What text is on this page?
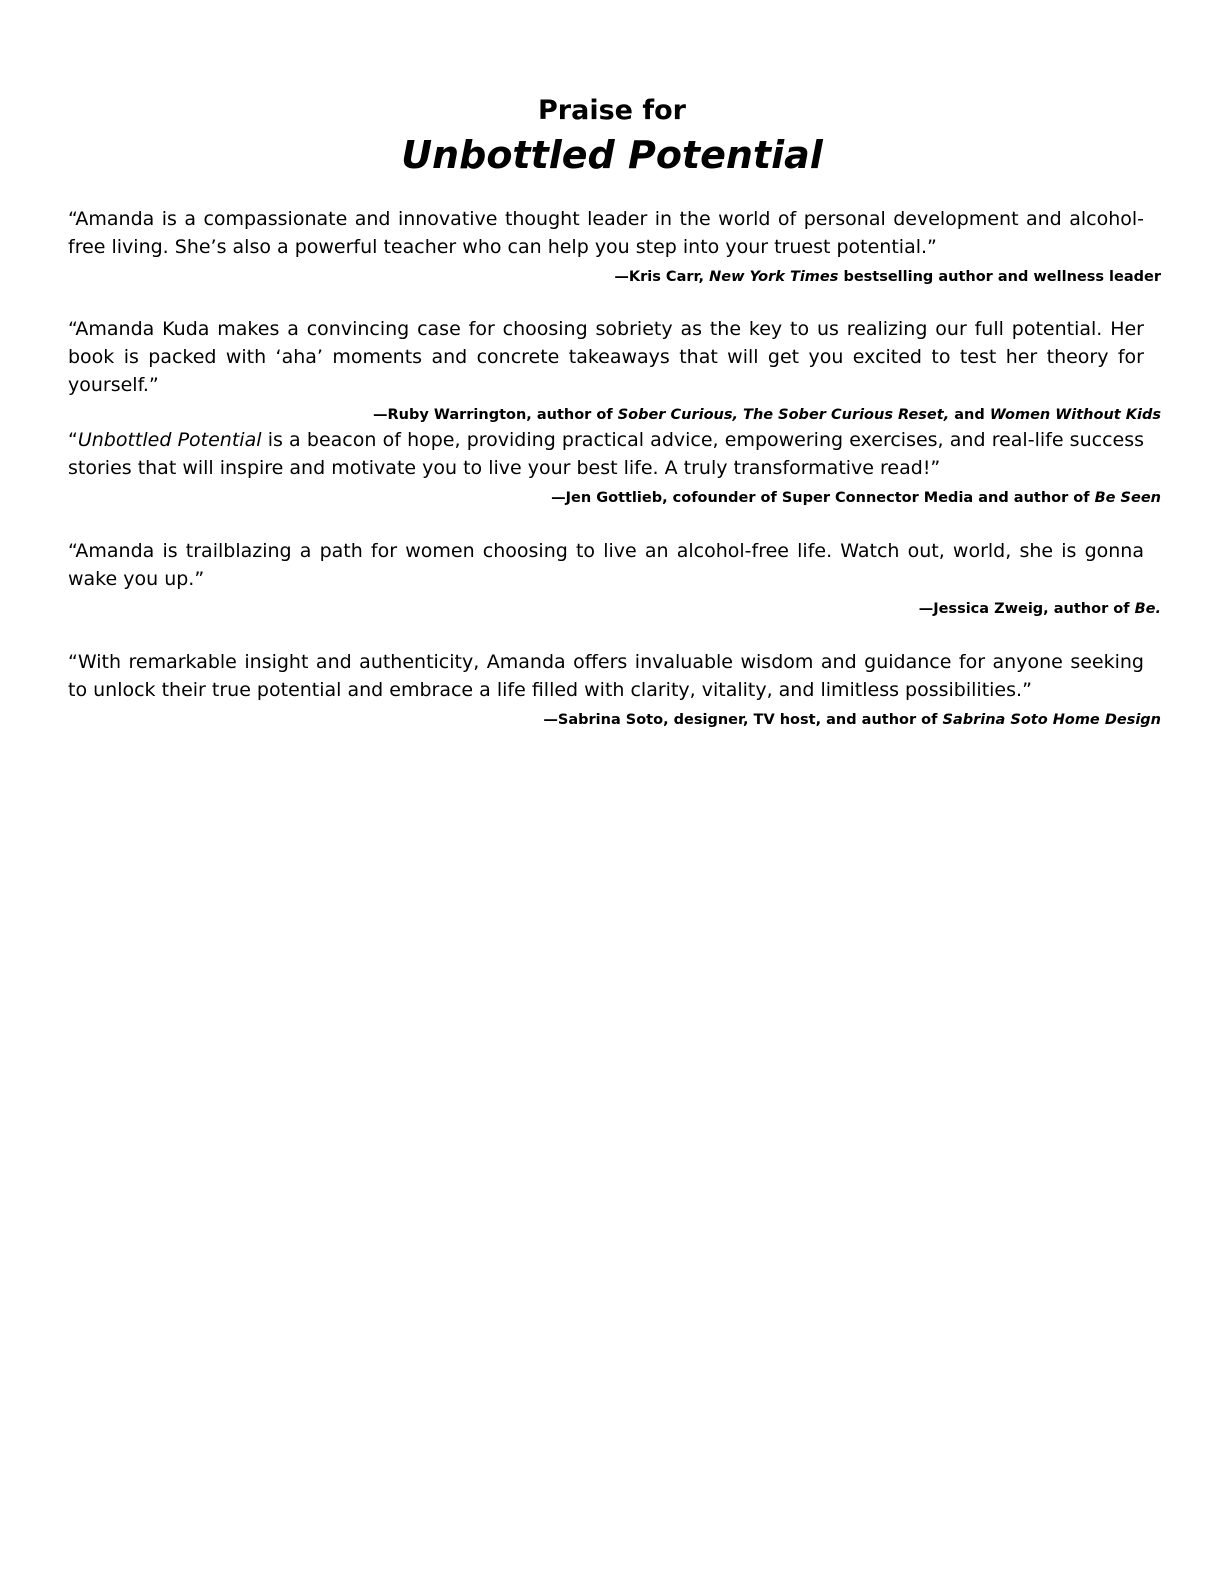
Praise for
Unbottled Potential

“Amanda is a compassionate and innovative thought leader in the world of personal development and alcohol-free living. She’s also a powerful teacher who can help you step into your truest potential.”

—Kris Carr, New York Times bestselling author and wellness leader

“Amanda Kuda makes a convincing case for choosing sobriety as the key to us realizing our full potential. Her book is packed with ‘aha’ moments and concrete takeaways that will get you excited to test her theory for yourself.”

—Ruby Warrington, author of Sober Curious, The Sober Curious Reset, and Women Without Kids

“Unbottled Potential is a beacon of hope, providing practical advice, empowering exercises, and real-life success stories that will inspire and motivate you to live your best life. A truly transformative read!”

—Jen Gottlieb, cofounder of Super Connector Media and author of Be Seen

“Amanda is trailblazing a path for women choosing to live an alcohol-free life. Watch out, world, she is gonna wake you up.”

—Jessica Zweig, author of Be.

“With remarkable insight and authenticity, Amanda offers invaluable wisdom and guidance for anyone seeking to unlock their true potential and embrace a life filled with clarity, vitality, and limitless possibilities.”

—Sabrina Soto, designer, TV host, and author of Sabrina Soto Home Design
